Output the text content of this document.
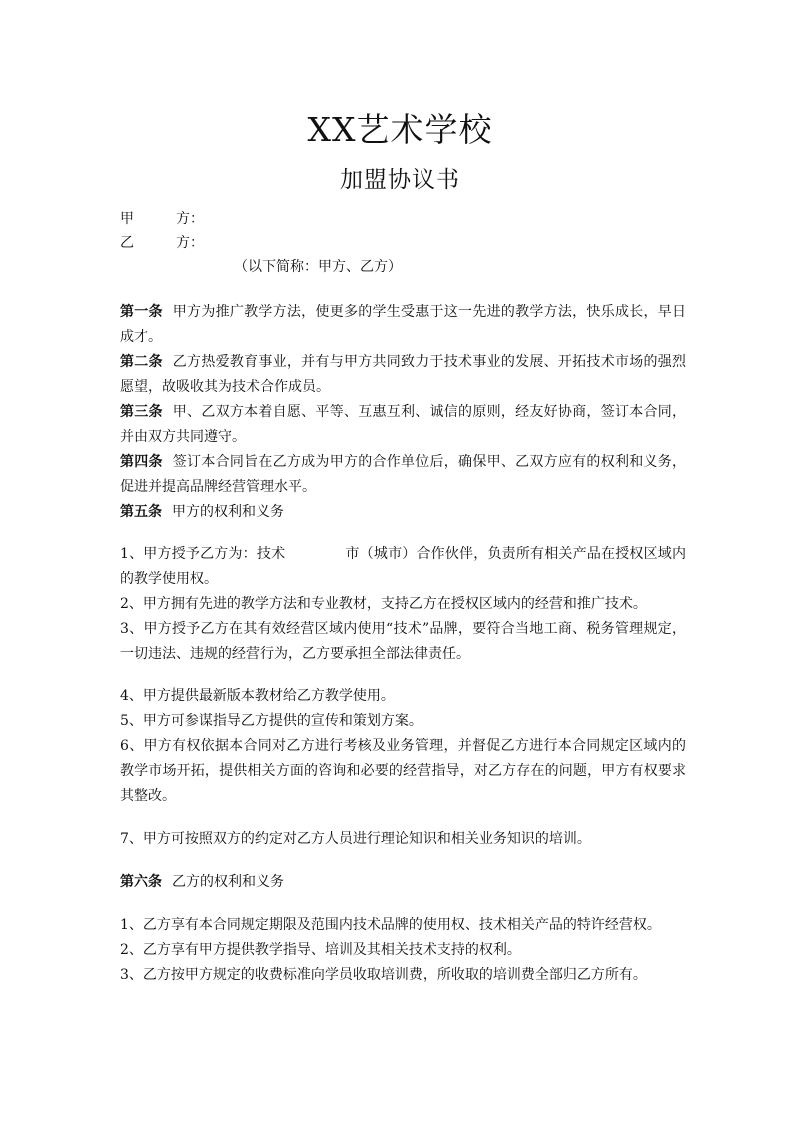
XX艺术学校
加盟协议书
甲	方：
乙	方：
（以下简称：甲方、乙方）

第一条 甲方为推广教学方法，使更多的学生受惠于这一先进的教学方法，快乐成长，早日成才。

第二条 乙方热爱教育事业，并有与甲方共同致力于技术事业的发展、开拓技术市场的强烈愿望，故吸收其为技术合作成员。

第三条 甲、乙双方本着自愿、平等、互惠互利、诚信的原则，经友好协商，签订本合同，并由双方共同遵守。

第四条 签订本合同旨在乙方成为甲方的合作单位后，确保甲、乙双方应有的权利和义务，促进并提高品牌经营管理水平。

第五条 甲方的权利和义务

1、甲方授予乙方为：技术	市（城市）合作伙伴，负责所有相关产品在授权区域内的教学使用权。

2、甲方拥有先进的教学方法和专业教材，支持乙方在授权区域内的经营和推广技术。

3、甲方授予乙方在其有效经营区域内使用“技术”品牌，要符合当地工商、税务管理规定，一切违法、违规的经营行为，乙方要承担全部法律责任。

4、甲方提供最新版本教材给乙方教学使用。

5、甲方可参谋指导乙方提供的宣传和策划方案。

6、甲方有权依据本合同对乙方进行考核及业务管理，并督促乙方进行本合同规定区域内的教学市场开拓，提供相关方面的咨询和必要的经营指导，对乙方存在的问题，甲方有权要求其整改。

7、甲方可按照双方的约定对乙方人员进行理论知识和相关业务知识的培训。

第六条 乙方的权利和义务

1、乙方享有本合同规定期限及范围内技术品牌的使用权、技术相关产品的特许经营权。

2、乙方享有甲方提供教学指导、培训及其相关技术支持的权利。

3、乙方按甲方规定的收费标准向学员收取培训费，所收取的培训费全部归乙方所有。
